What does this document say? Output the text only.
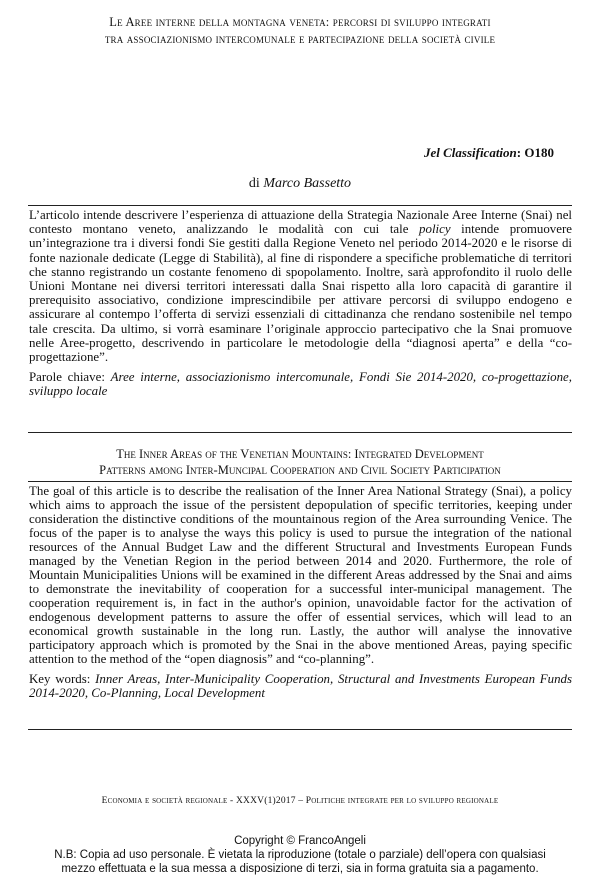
Le Aree interne della montagna veneta: percorsi di sviluppo integrati
tra associazionismo intercomunale e partecipazione della società civile
Jel Classification: O180
di Marco Bassetto

L’articolo intende descrivere l’esperienza di attuazione della Strategia Nazionale Aree Interne (Snai) nel contesto montano veneto, analizzando le modalità con cui tale policy intende promuovere un’integrazione tra i diversi fondi Sie gestiti dalla Regione Veneto nel periodo 2014-2020 e le risorse di fonte nazionale dedicate (Legge di Stabilità), al fine di rispondere a specifiche problematiche di territori che stanno registrando un costante fenomeno di spopolamento. Inoltre, sarà approfondito il ruolo delle Unioni Montane nei diversi territori interessati dalla Snai rispetto alla loro capacità di garantire il prerequisito associativo, condizione imprescindibile per attivare percorsi di sviluppo endogeno e assicurare al contempo l’offerta di servizi essenziali di cittadinanza che rendano sostenibile nel tempo tale crescita. Da ultimo, si vorrà esaminare l’originale approccio partecipativo che la Snai promuove nelle Aree-progetto, descrivendo in particolare le metodologie della “diagnosi aperta” e della “co-progettazione”.

Parole chiave: Aree interne, associazionismo intercomunale, Fondi Sie 2014-2020, co-progettazione, sviluppo locale

The Inner Areas of the Venetian Mountains: Integrated Development
Patterns among Inter-Muncipal Cooperation and Civil Society Participation

The goal of this article is to describe the realisation of the Inner Area National Strategy (Snai), a policy which aims to approach the issue of the persistent depopulation of specific territories, keeping under consideration the distinctive conditions of the mountainous region of the Area surrounding Venice. The focus of the paper is to analyse the ways this policy is used to pursue the integration of the national resources of the Annual Budget Law and the different Structural and Investments European Funds managed by the Venetian Region in the period between 2014 and 2020. Furthermore, the role of Mountain Municipalities Unions will be examined in the different Areas addressed by the Snai and aims to demonstrate the inevitability of cooperation for a successful inter-municipal management. The cooperation requirement is, in fact in the author's opinion, unavoidable factor for the activation of endogenous development patterns to assure the offer of essential services, which will lead to an economical growth sustainable in the long run. Lastly, the author will analyse the innovative participatory approach which is promoted by the Snai in the above mentioned Areas, paying specific attention to the method of the “open diagnosis” and “co-planning”.

Key words: Inner Areas, Inter-Municipality Cooperation, Structural and Investments European Funds 2014-2020, Co-Planning, Local Development

Economia e società regionale - XXXV(1)2017 – Politiche integrate per lo sviluppo regionale
Copyright © FrancoAngeli
N.B: Copia ad uso personale. È vietata la riproduzione (totale o parziale) dell’opera con qualsiasi
mezzo effettuata e la sua messa a disposizione di terzi, sia in forma gratuita sia a pagamento.
